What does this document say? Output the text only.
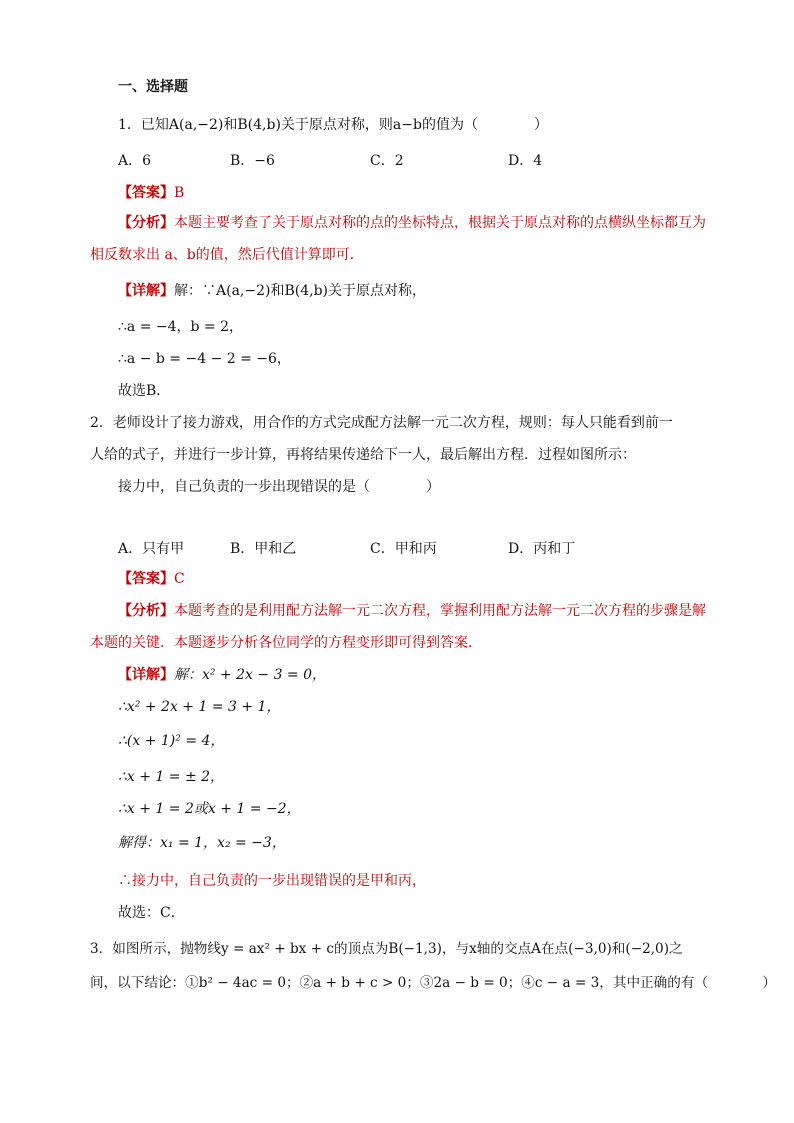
一、选择题
1．已知A(a,−2)和B(4,b)关于原点对称，则a−b的值为（　　　　）
A．6	B．−6	C．2	D．4
【答案】B
【分析】本题主要考查了关于原点对称的点的坐标特点，根据关于原点对称的点横纵坐标都互为
相反数求出 a、b的值，然后代值计算即可．
【详解】解：∵A(a,−2)和B(4,b)关于原点对称，
∴a = −4，b = 2，
∴a − b = −4 − 2 = −6，
故选B．
2．老师设计了接力游戏，用合作的方式完成配方法解一元二次方程，规则：每人只能看到前一
人给的式子，并进行一步计算，再将结果传递给下一人，最后解出方程．过程如图所示：
接力中，自己负责的一步出现错误的是（　　　　）
A．只有甲	B．甲和乙	C．甲和丙	D．丙和丁
【答案】C
【分析】本题考查的是利用配方法解一元二次方程，掌握利用配方法解一元二次方程的步骤是解
本题的关键．本题逐步分析各位同学的方程变形即可得到答案．
【详解】解：x² + 2x − 3 = 0，
∴x² + 2x + 1 = 3 + 1，
∴(x + 1)² = 4，
∴x + 1 = ± 2，
∴x + 1 = 2或x + 1 = −2，
解得：x₁ = 1，x₂ = −3，
∴接力中，自己负责的一步出现错误的是甲和丙，
故选：C．
3．如图所示，抛物线y = ax² + bx + c的顶点为B(−1,3)，与x轴的交点A在点(−3,0)和(−2,0)之
间，以下结论：①b² − 4ac = 0；②a + b + c > 0；③2a − b = 0；④c − a = 3，其中正确的有（　　　　）
